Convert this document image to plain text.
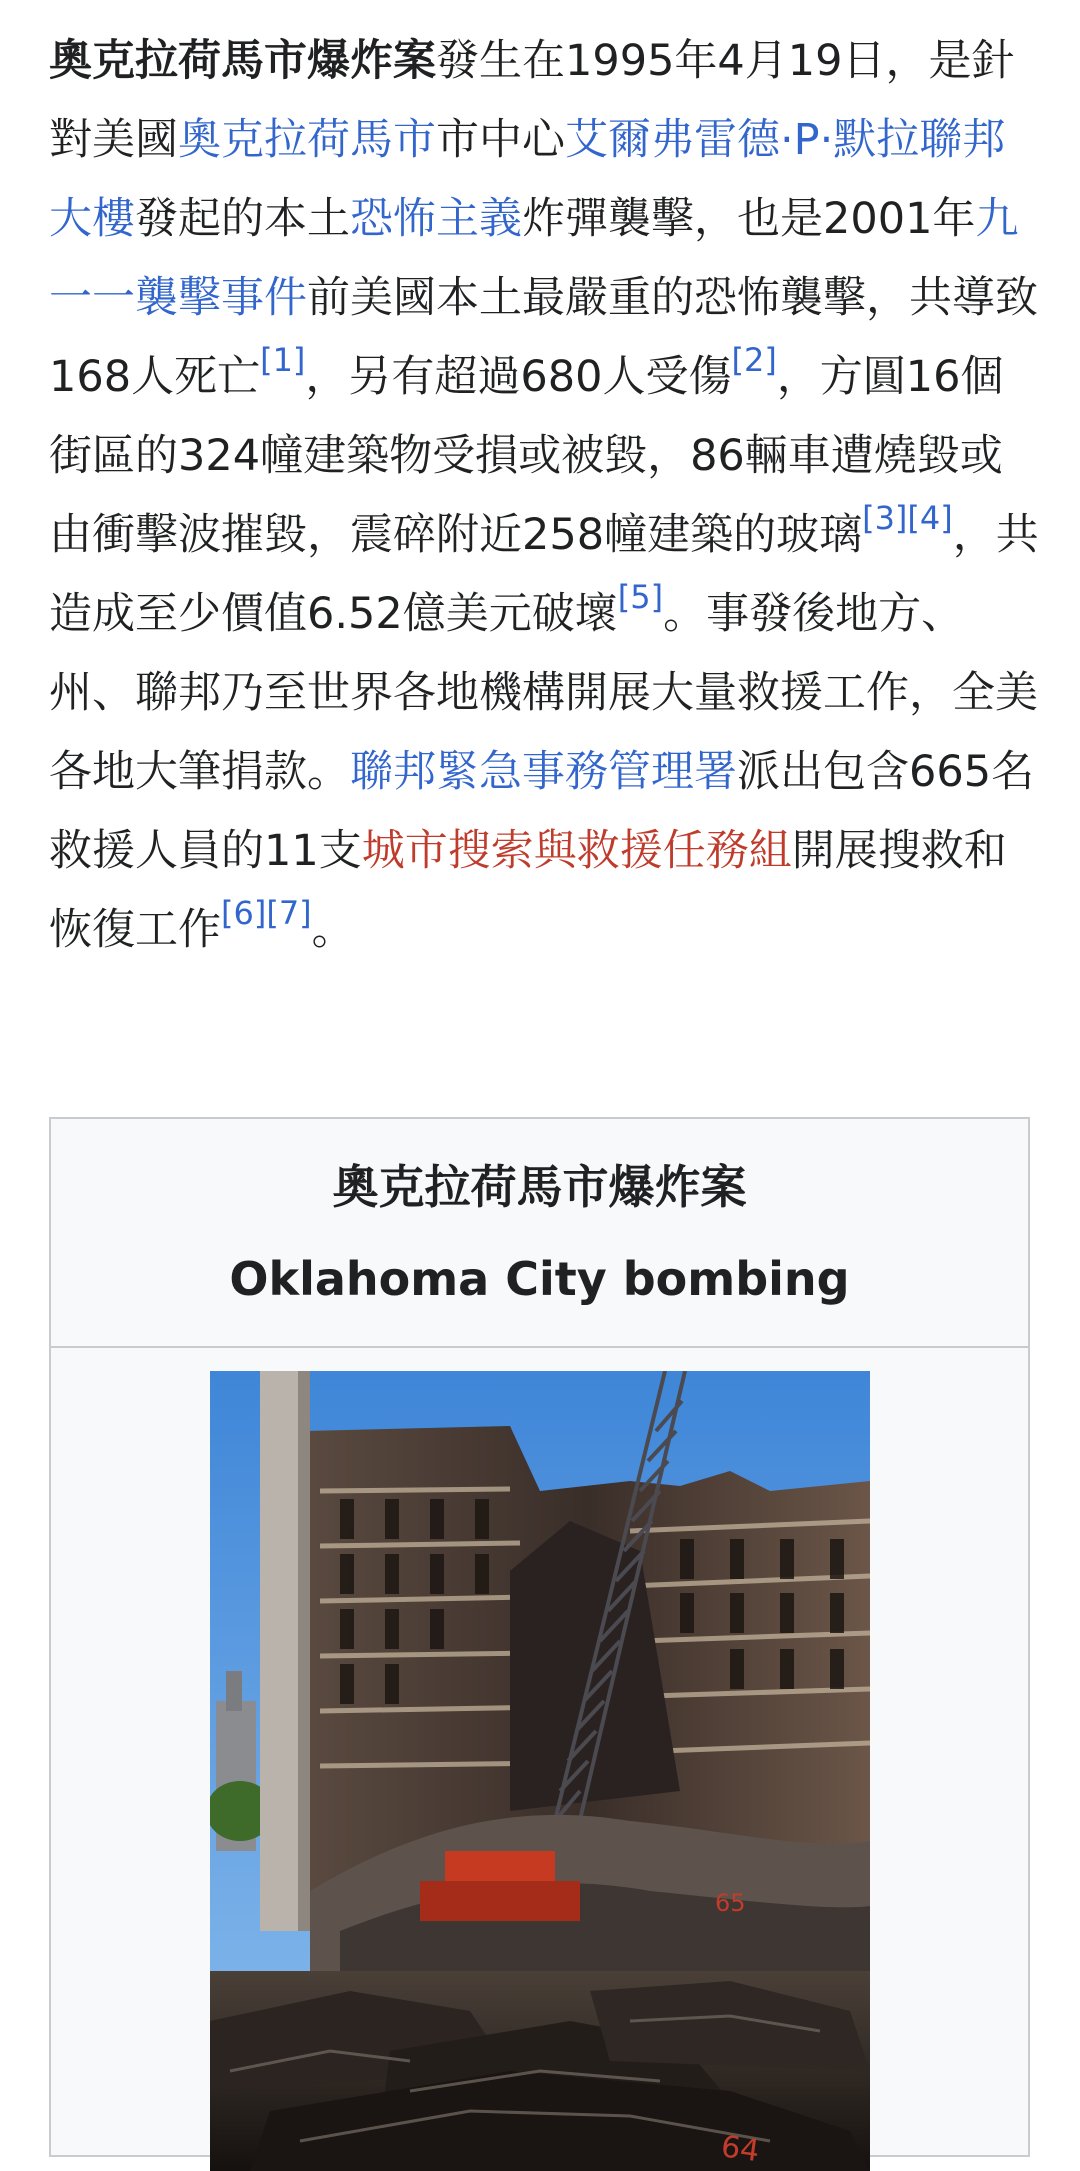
奧克拉荷馬市爆炸案發生在1995年4月19日，是針對美國奧克拉荷馬市市中心艾爾弗雷德·P·默拉聯邦大樓發起的本土恐怖主義炸彈襲擊，也是2001年九一一襲擊事件前美國本土最嚴重的恐怖襲擊，共導致168人死亡[1]，另有超過680人受傷[2]，方圓16個街區的324幢建築物受損或被毀，86輛車遭燒毀或由衝擊波摧毀，震碎附近258幢建築的玻璃[3][4]，共造成至少價值6.52億美元破壞[5]。事發後地方、州、聯邦乃至世界各地機構開展大量救援工作，全美各地大筆捐款。聯邦緊急事務管理署派出包含665名救援人員的11支城市搜索與救援任務組開展搜救和恢復工作[6][7]。

奧克拉荷馬市爆炸案
Oklahoma City bombing
64
65
